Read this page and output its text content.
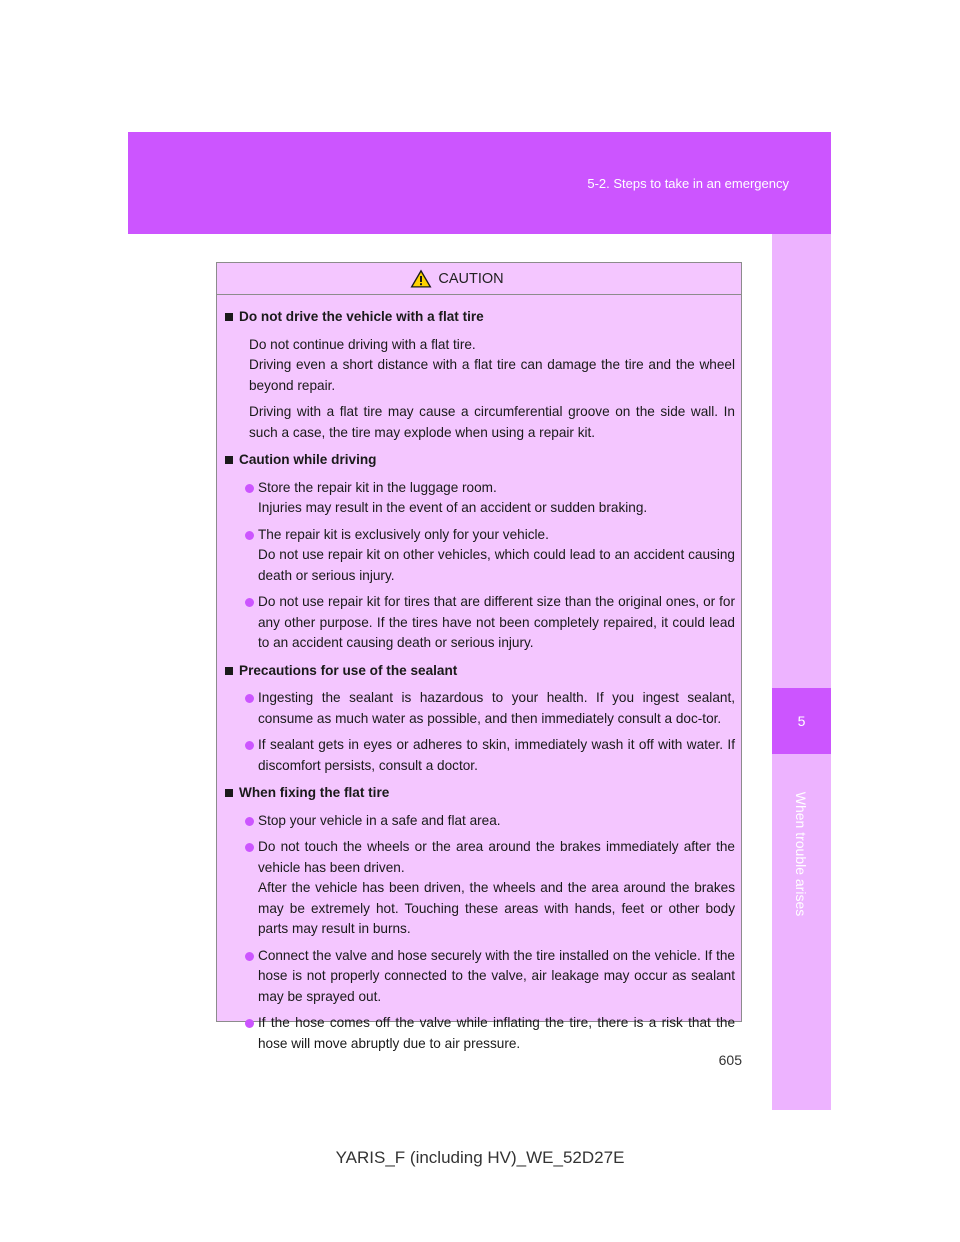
5-2. Steps to take in an emergency
5
When trouble arises
CAUTION
Do not drive the vehicle with a flat tire
Do not continue driving with a flat tire.
Driving even a short distance with a flat tire can damage the tire and the wheel beyond repair.
Driving with a flat tire may cause a circumferential groove on the side wall. In such a case, the tire may explode when using a repair kit.
Caution while driving
Store the repair kit in the luggage room.
Injuries may result in the event of an accident or sudden braking.
The repair kit is exclusively only for your vehicle.
Do not use repair kit on other vehicles, which could lead to an accident causing death or serious injury.
Do not use repair kit for tires that are different size than the original ones, or for any other purpose. If the tires have not been completely repaired, it could lead to an accident causing death or serious injury.
Precautions for use of the sealant
Ingesting the sealant is hazardous to your health. If you ingest sealant, consume as much water as possible, and then immediately consult a doc-tor.
If sealant gets in eyes or adheres to skin, immediately wash it off with water. If discomfort persists, consult a doctor.
When fixing the flat tire
Stop your vehicle in a safe and flat area.
Do not touch the wheels or the area around the brakes immediately after the vehicle has been driven.
After the vehicle has been driven, the wheels and the area around the brakes may be extremely hot. Touching these areas with hands, feet or other body parts may result in burns.
Connect the valve and hose securely with the tire installed on the vehicle. If the hose is not properly connected to the valve, air leakage may occur as sealant may be sprayed out.
If the hose comes off the valve while inflating the tire, there is a risk that the hose will move abruptly due to air pressure.
605
YARIS_F (including HV)_WE_52D27E
